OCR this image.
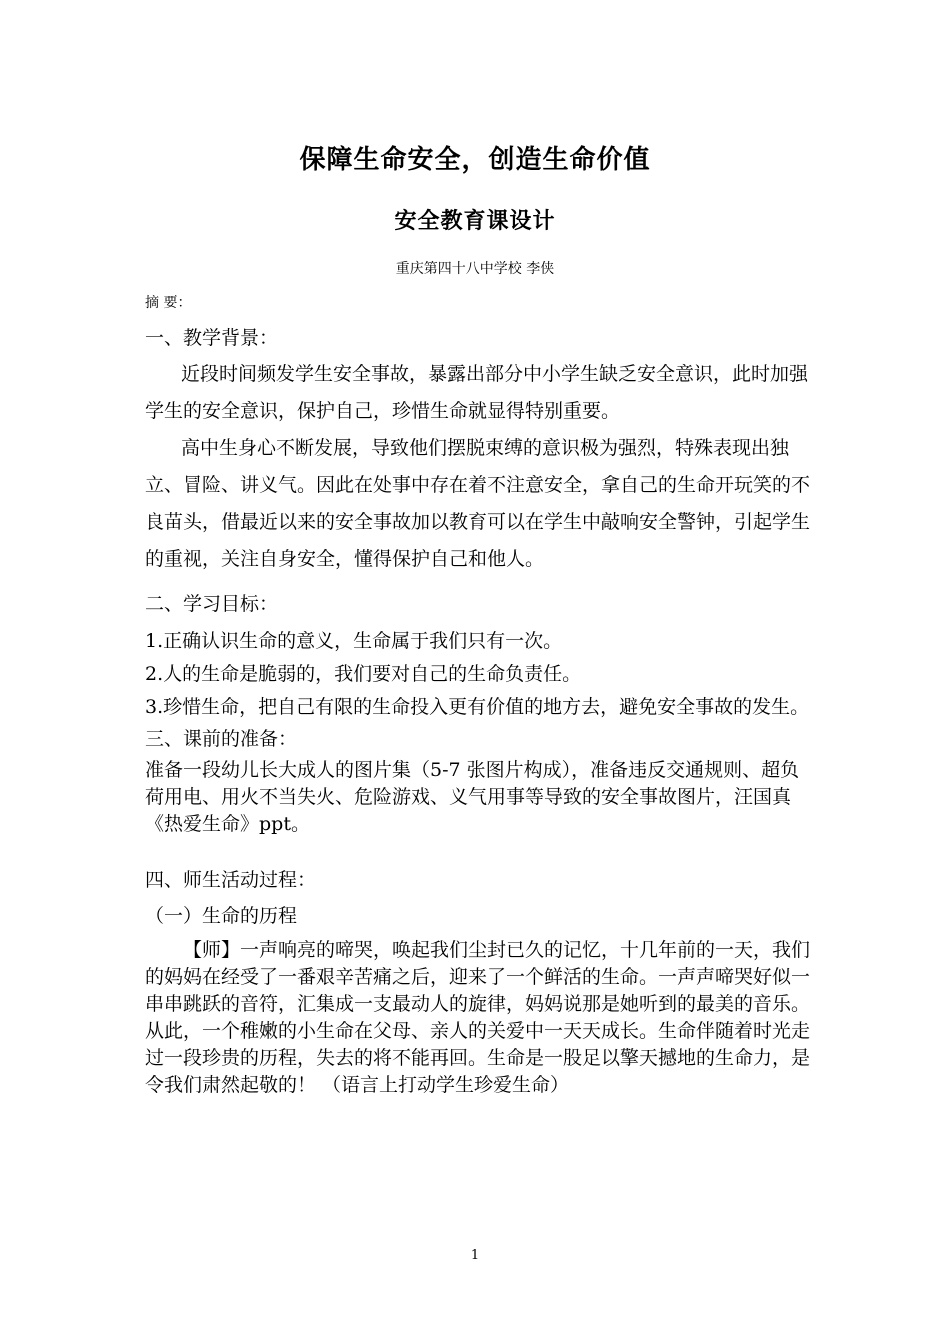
保障生命安全，创造生命价值
安全教育课设计
重庆第四十八中学校 李侠

摘 要：

一、教学背景：

近段时间频发学生安全事故，暴露出部分中小学生缺乏安全意识，此时加强学生的安全意识，保护自己，珍惜生命就显得特别重要。

高中生身心不断发展，导致他们摆脱束缚的意识极为强烈，特殊表现出独立、冒险、讲义气。因此在处事中存在着不注意安全，拿自己的生命开玩笑的不良苗头，借最近以来的安全事故加以教育可以在学生中敲响安全警钟，引起学生的重视，关注自身安全，懂得保护自己和他人。

二、学习目标：

1.正确认识生命的意义，生命属于我们只有一次。

2.人的生命是脆弱的，我们要对自己的生命负责任。

3.珍惜生命，把自己有限的生命投入更有价值的地方去，避免安全事故的发生。

三、课前的准备：

准备一段幼儿长大成人的图片集（5-7 张图片构成），准备违反交通规则、超负荷用电、用火不当失火、危险游戏、义气用事等导致的安全事故图片，汪国真《热爱生命》ppt。

四、师生活动过程：

（一）生命的历程

【师】一声响亮的啼哭，唤起我们尘封已久的记忆，十几年前的一天，我们的妈妈在经受了一番艰辛苦痛之后，迎来了一个鲜活的生命。一声声啼哭好似一串串跳跃的音符，汇集成一支最动人的旋律，妈妈说那是她听到的最美的音乐。从此，一个稚嫩的小生命在父母、亲人的关爱中一天天成长。生命伴随着时光走过一段珍贵的历程，失去的将不能再回。生命是一股足以擎天撼地的生命力，是令我们肃然起敬的！ （语言上打动学生珍爱生命）

1
